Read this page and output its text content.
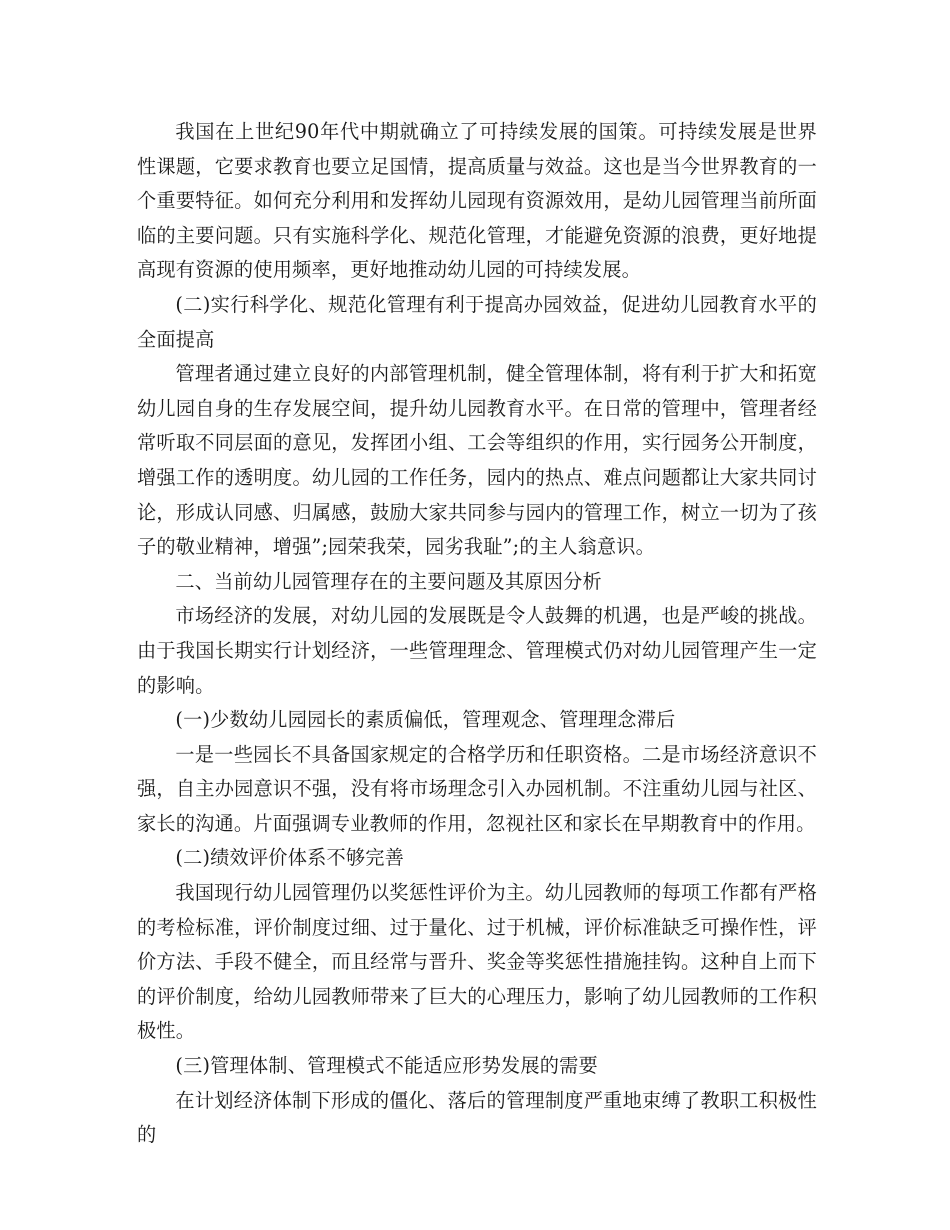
我国在上世纪90年代中期就确立了可持续发展的国策。可持续发展是世界性课题，它要求教育也要立足国情，提高质量与效益。这也是当今世界教育的一个重要特征。如何充分利用和发挥幼儿园现有资源效用，是幼儿园管理当前所面临的主要问题。只有实施科学化、规范化管理，才能避免资源的浪费，更好地提高现有资源的使用频率，更好地推动幼儿园的可持续发展。

(二)实行科学化、规范化管理有利于提高办园效益，促进幼儿园教育水平的全面提高

管理者通过建立良好的内部管理机制，健全管理体制，将有利于扩大和拓宽幼儿园自身的生存发展空间，提升幼儿园教育水平。在日常的管理中，管理者经常听取不同层面的意见，发挥团小组、工会等组织的作用，实行园务公开制度，增强工作的透明度。幼儿园的工作任务，园内的热点、难点问题都让大家共同讨论，形成认同感、归属感，鼓励大家共同参与园内的管理工作，树立一切为了孩子的敬业精神，增强”;园荣我荣，园劣我耻”;的主人翁意识。

二、当前幼儿园管理存在的主要问题及其原因分析

市场经济的发展，对幼儿园的发展既是令人鼓舞的机遇，也是严峻的挑战。由于我国长期实行计划经济，一些管理理念、管理模式仍对幼儿园管理产生一定的影响。

(一)少数幼儿园园长的素质偏低，管理观念、管理理念滞后

一是一些园长不具备国家规定的合格学历和任职资格。二是市场经济意识不强，自主办园意识不强，没有将市场理念引入办园机制。不注重幼儿园与社区、家长的沟通。片面强调专业教师的作用，忽视社区和家长在早期教育中的作用。

(二)绩效评价体系不够完善

我国现行幼儿园管理仍以奖惩性评价为主。幼儿园教师的每项工作都有严格的考检标准，评价制度过细、过于量化、过于机械，评价标准缺乏可操作性，评价方法、手段不健全，而且经常与晋升、奖金等奖惩性措施挂钩。这种自上而下的评价制度，给幼儿园教师带来了巨大的心理压力，影响了幼儿园教师的工作积极性。

(三)管理体制、管理模式不能适应形势发展的需要

在计划经济体制下形成的僵化、落后的管理制度严重地束缚了教职工积极性的
